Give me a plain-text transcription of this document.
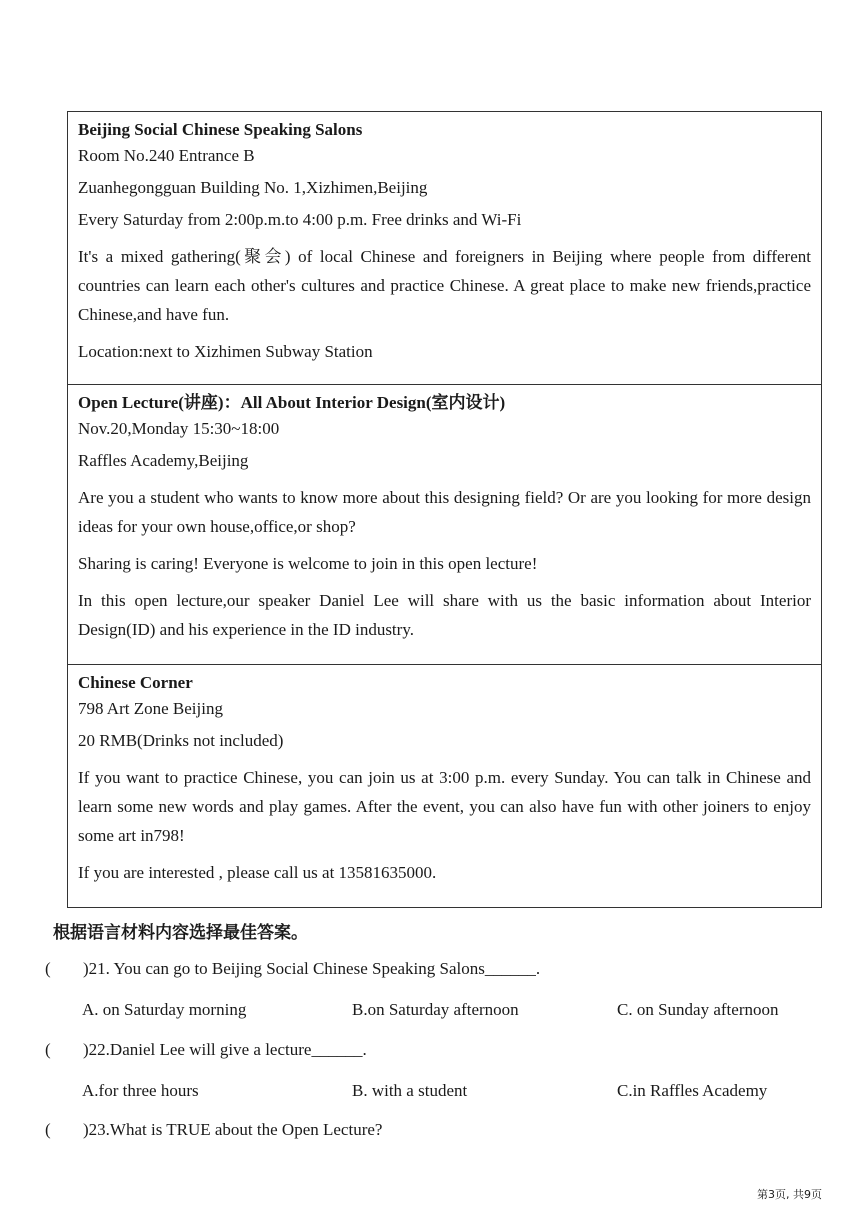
Beijing Social Chinese Speaking Salons
Room No.240 Entrance B
Zuanhegongguan Building No. 1,Xizhimen,Beijing
Every Saturday from 2:00p.m.to 4:00 p.m. Free drinks and Wi-Fi
It's a mixed gathering(聚会) of local Chinese and foreigners in Beijing where people from different countries can learn each other's cultures and practice Chinese. A great place to make new friends,practice Chinese,and have fun.
Location:next to Xizhimen Subway Station
Open Lecture(讲座)：All About Interior Design(室内设计)
Nov.20,Monday 15:30~18:00
Raffles Academy,Beijing
Are you a student who wants to know more about this designing field? Or are you looking for more design ideas for your own house,office,or shop?
Sharing is caring! Everyone is welcome to join in this open lecture!
In this open lecture,our speaker Daniel Lee will share with us the basic information about Interior Design(ID) and his experience in the ID industry.
Chinese Corner
798 Art Zone Beijing
20 RMB(Drinks not included)
If you want to practice Chinese, you can join us at 3:00 p.m. every Sunday. You can talk in Chinese and learn some new words and play games. After the event, you can also have fun with other joiners to enjoy some art in798!
If you are interested , please call us at 13581635000.
根据语言材料内容选择最佳答案。
( )21. You can go to Beijing Social Chinese Speaking Salons______.
A. on Saturday morning	B.on Saturday afternoon	C. on Sunday afternoon
( )22.Daniel Lee will give a lecture______.
A.for three hours	B. with a student	C.in Raffles Academy
( )23.What is TRUE about the Open Lecture?
第3页, 共9页
